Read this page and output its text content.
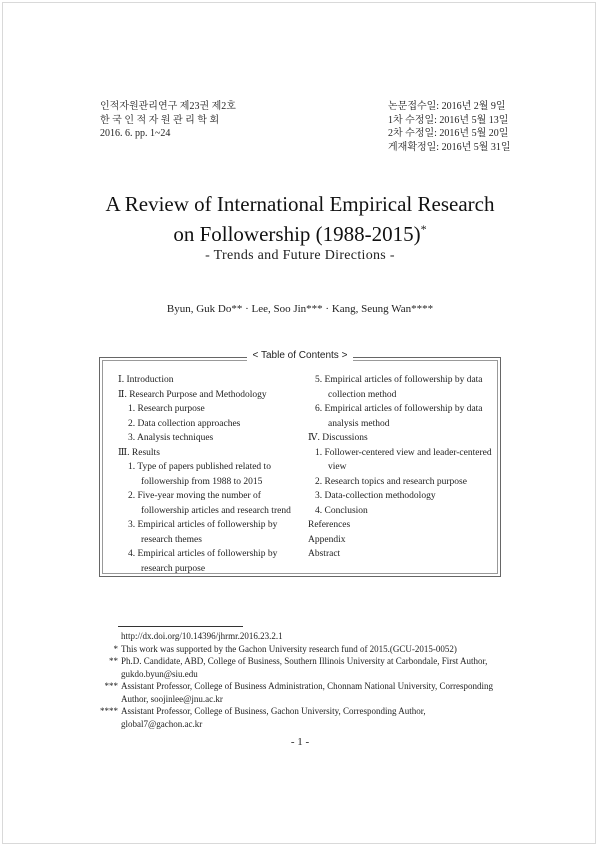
인적자원관리연구 제23권 제2호
한 국 인 적 자 원 관 리 학 회
2016. 6. pp. 1~24
논문접수일: 2016년 2월 9일
1차 수정일: 2016년 5월 13일
2차 수정일: 2016년 5월 20일
게재확정일: 2016년 5월 31일
A Review of International Empirical Research
on Followership (1988-2015)*
- Trends and Future Directions -
Byun, Guk Do** · Lee, Soo Jin*** · Kang, Seung Wan****
< Table of Contents >
Ⅰ. Introduction
Ⅱ. Research Purpose and Methodology
1. Research purpose
2. Data collection approaches
3. Analysis techniques
Ⅲ. Results
1. Type of papers published related to
followership from 1988 to 2015
2. Five-year moving the number of
followership articles and research trend
3. Empirical articles of followership by
research themes
4. Empirical articles of followership by
research purpose
5. Empirical articles of followership by data
collection method
6. Empirical articles of followership by data
analysis method
Ⅳ. Discussions
1. Follower-centered view and leader-centered
view
2. Research topics and research purpose
3. Data-collection methodology
4. Conclusion
References
Appendix
Abstract
http://dx.doi.org/10.14396/jhrmr.2016.23.2.1
* This work was supported by the Gachon University research fund of 2015.(GCU-2015-0052)
** Ph.D. Candidate, ABD, College of Business, Southern Illinois University at Carbondale, First Author, gukdo.byun@siu.edu
*** Assistant Professor, College of Business Administration, Chonnam National University, Corresponding Author, soojinlee@jnu.ac.kr
**** Assistant Professor, College of Business, Gachon University, Corresponding Author, global7@gachon.ac.kr
- 1 -
